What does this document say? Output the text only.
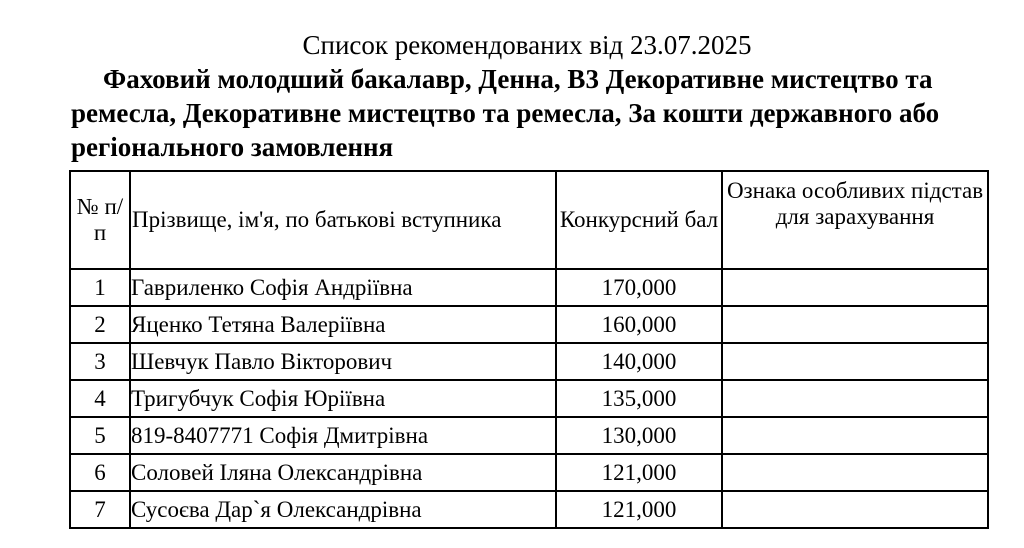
Список рекомендованих від 23.07.2025
Фаховий молодший бакалавр, Денна, B3 Декоративне мистецтво та ремесла, Декоративне мистецтво та ремесла, За кошти державного або регіонального замовлення
№ п/п	Прізвище, ім'я, по батькові вступника	Конкурсний бал	Ознака особливих підстав для зарахування
1	Гавриленко Софія Андріївна	170,000	
2	Яценко Тетяна Валеріївна	160,000	
3	Шевчук Павло Вікторович	140,000	
4	Тригубчук Софія Юріївна	135,000	
5	819-8407771 Софія Дмитрівна	130,000	
6	Соловей Іляна Олександрівна	121,000	
7	Сусоєва Дар`я Олександрівна	121,000	
